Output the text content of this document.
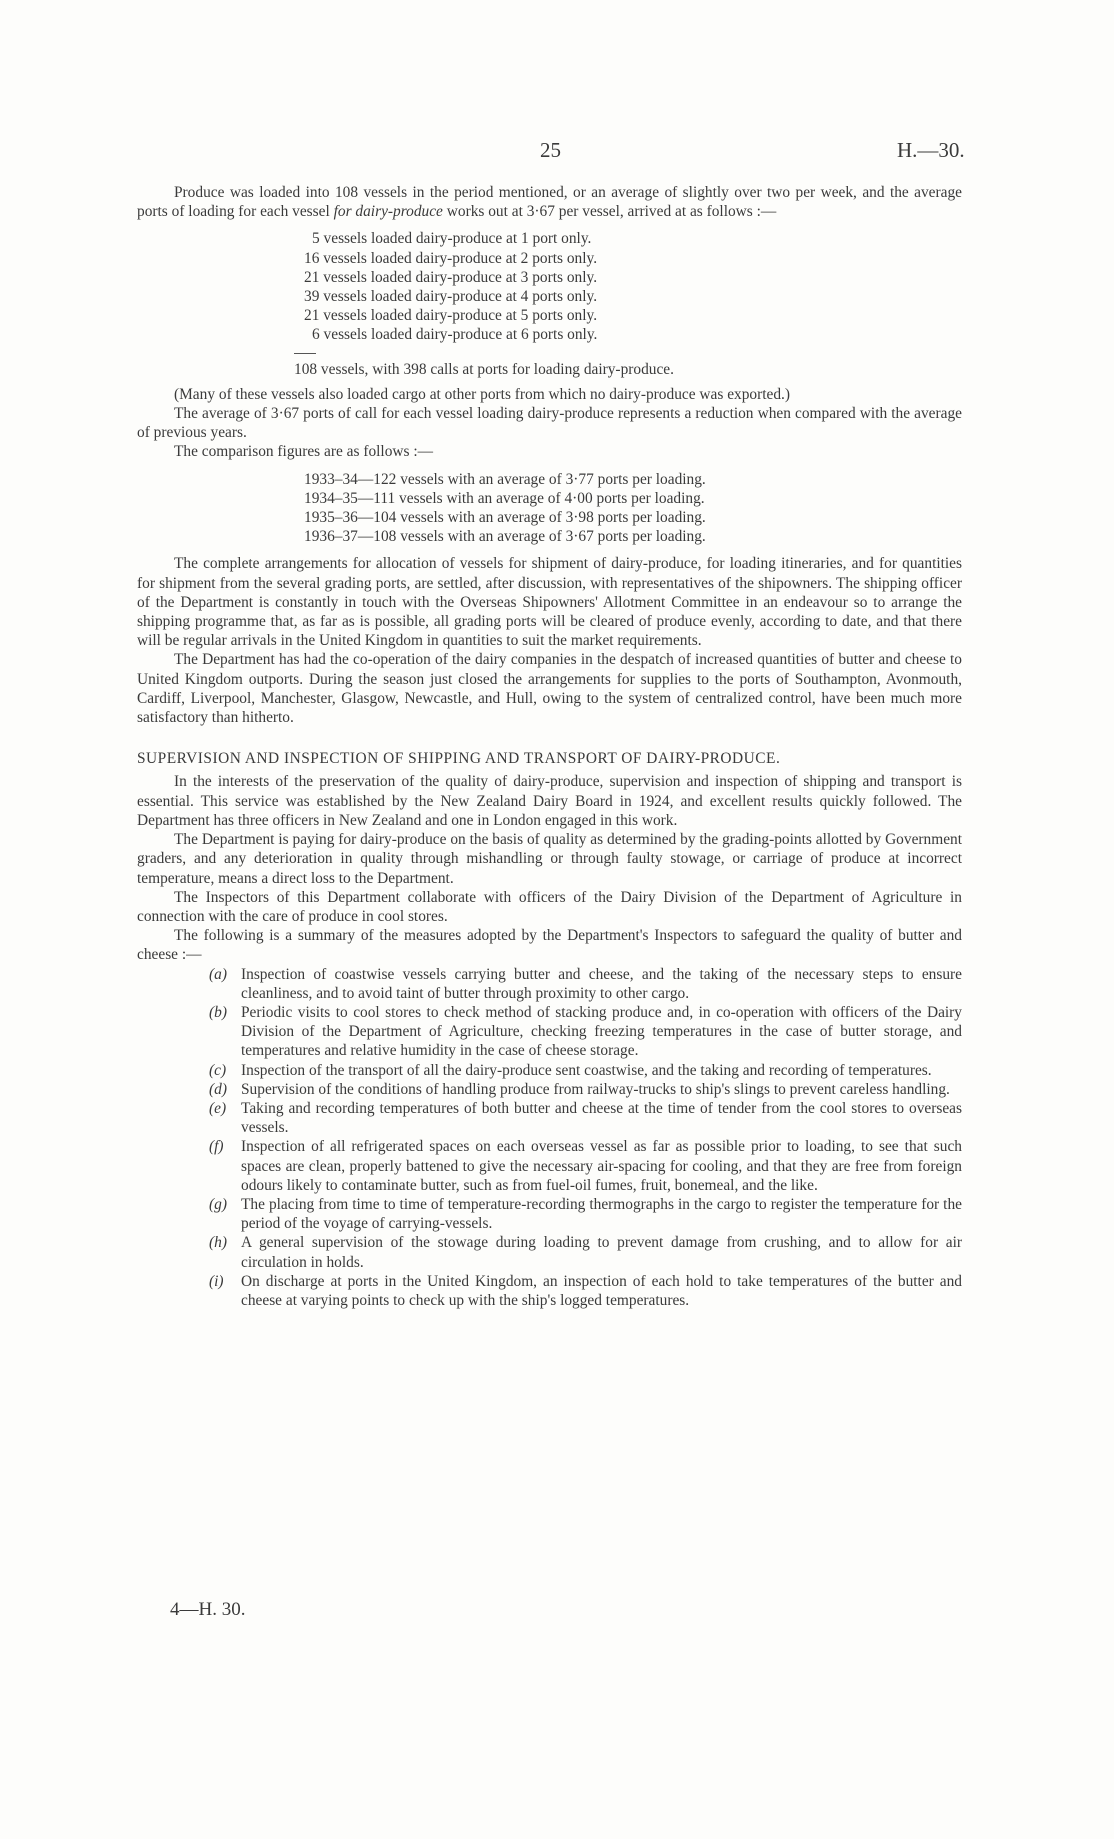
25	H.—30.

Produce was loaded into 108 vessels in the period mentioned, or an average of slightly over two per week, and the average ports of loading for each vessel for dairy-produce works out at 3·67 per vessel, arrived at as follows :—

5 vessels loaded dairy-produce at 1 port only.
16 vessels loaded dairy-produce at 2 ports only.
21 vessels loaded dairy-produce at 3 ports only.
39 vessels loaded dairy-produce at 4 ports only.
21 vessels loaded dairy-produce at 5 ports only.
6 vessels loaded dairy-produce at 6 ports only.
108 vessels, with 398 calls at ports for loading dairy-produce.

(Many of these vessels also loaded cargo at other ports from which no dairy-produce was exported.)

The average of 3·67 ports of call for each vessel loading dairy-produce represents a reduction when compared with the average of previous years.

The comparison figures are as follows :—

1933–34—122 vessels with an average of 3·77 ports per loading.
1934–35—111 vessels with an average of 4·00 ports per loading.
1935–36—104 vessels with an average of 3·98 ports per loading.
1936–37—108 vessels with an average of 3·67 ports per loading.

The complete arrangements for allocation of vessels for shipment of dairy-produce, for loading itineraries, and for quantities for shipment from the several grading ports, are settled, after discussion, with representatives of the shipowners. The shipping officer of the Department is constantly in touch with the Overseas Shipowners' Allotment Committee in an endeavour so to arrange the shipping programme that, as far as is possible, all grading ports will be cleared of produce evenly, according to date, and that there will be regular arrivals in the United Kingdom in quantities to suit the market requirements.

The Department has had the co-operation of the dairy companies in the despatch of increased quantities of butter and cheese to United Kingdom outports. During the season just closed the arrangements for supplies to the ports of Southampton, Avonmouth, Cardiff, Liverpool, Manchester, Glasgow, Newcastle, and Hull, owing to the system of centralized control, have been much more satisfactory than hitherto.

SUPERVISION AND INSPECTION OF SHIPPING AND TRANSPORT OF DAIRY-PRODUCE.

In the interests of the preservation of the quality of dairy-produce, supervision and inspection of shipping and transport is essential. This service was established by the New Zealand Dairy Board in 1924, and excellent results quickly followed. The Department has three officers in New Zealand and one in London engaged in this work.

The Department is paying for dairy-produce on the basis of quality as determined by the grading-points allotted by Government graders, and any deterioration in quality through mishandling or through faulty stowage, or carriage of produce at incorrect temperature, means a direct loss to the Department.

The Inspectors of this Department collaborate with officers of the Dairy Division of the Department of Agriculture in connection with the care of produce in cool stores.

The following is a summary of the measures adopted by the Department's Inspectors to safeguard the quality of butter and cheese :—

(a) Inspection of coastwise vessels carrying butter and cheese, and the taking of the necessary steps to ensure cleanliness, and to avoid taint of butter through proximity to other cargo.
(b) Periodic visits to cool stores to check method of stacking produce and, in co-operation with officers of the Dairy Division of the Department of Agriculture, checking freezing temperatures in the case of butter storage, and temperatures and relative humidity in the case of cheese storage.
(c) Inspection of the transport of all the dairy-produce sent coastwise, and the taking and recording of temperatures.
(d) Supervision of the conditions of handling produce from railway-trucks to ship's slings to prevent careless handling.
(e) Taking and recording temperatures of both butter and cheese at the time of tender from the cool stores to overseas vessels.
(f) Inspection of all refrigerated spaces on each overseas vessel as far as possible prior to loading, to see that such spaces are clean, properly battened to give the necessary air-spacing for cooling, and that they are free from foreign odours likely to contaminate butter, such as from fuel-oil fumes, fruit, bonemeal, and the like.
(g) The placing from time to time of temperature-recording thermographs in the cargo to register the temperature for the period of the voyage of carrying-vessels.
(h) A general supervision of the stowage during loading to prevent damage from crushing, and to allow for air circulation in holds.
(i) On discharge at ports in the United Kingdom, an inspection of each hold to take temperatures of the butter and cheese at varying points to check up with the ship's logged temperatures.
4—H. 30.
